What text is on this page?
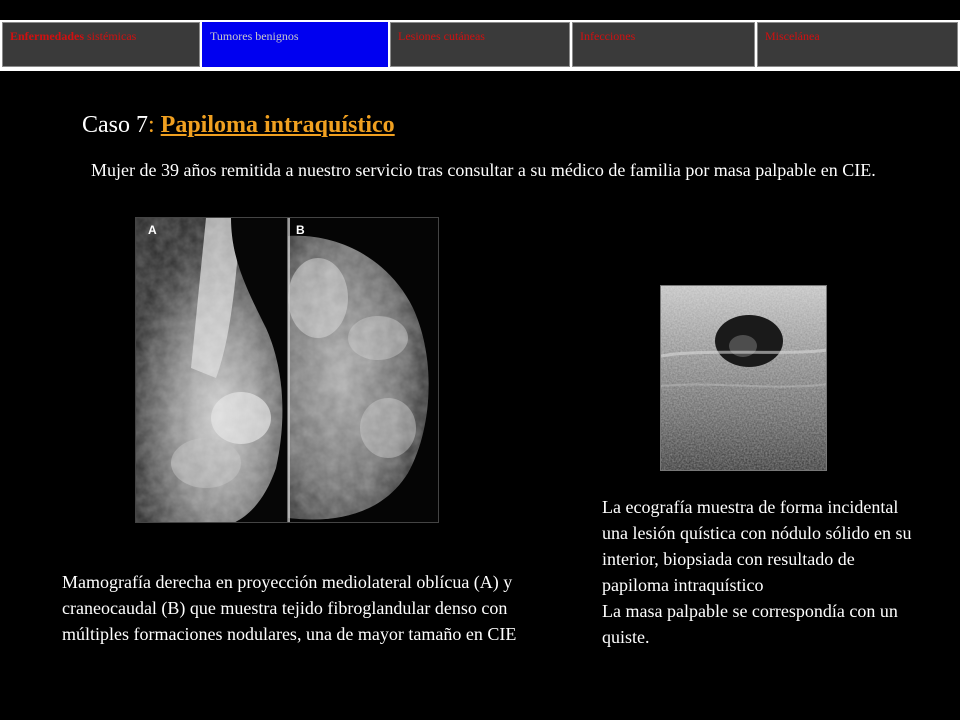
Enfermedades sistémicas	Tumores benignos	Lesiones cutáneas	Infecciones	Miscelánea
Caso 7: Papiloma intraquístico
Mujer de 39 años remitida a nuestro servicio tras consultar a su médico de familia por masa palpable en CIE.
A	B
La ecografía muestra de forma incidental una lesión quística con nódulo sólido en su interior, biopsiada con resultado de papiloma intraquístico
La masa palpable se correspondía con un quiste.
Mamografía derecha en proyección mediolateral oblícua (A) y craneocaudal (B) que muestra tejido fibroglandular denso con múltiples formaciones nodulares, una de mayor tamaño en CIE
